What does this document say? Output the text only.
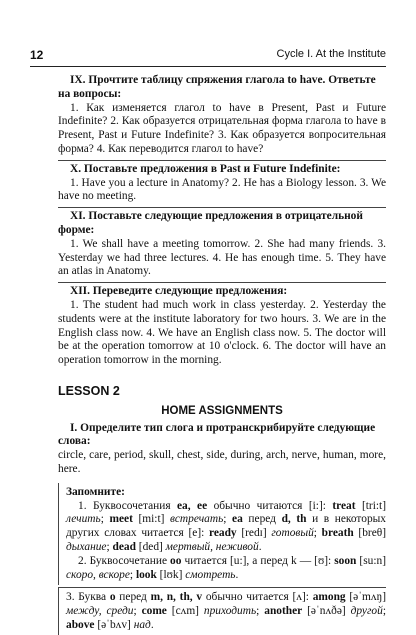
12	Cycle I. At the Institute

IX. Прочтите таблицу спряжения глагола to have. Ответьте на вопросы:

1. Как изменяется глагол to have в Present, Past и Future Indefinite? 2. Как образуется отрицательная форма глагола to have в Present, Past и Future Indefinite? 3. Как образуется вопросительная форма? 4. Как переводится глагол to have?

X. Поставьте предложения в Past и Future Indefinite:

1. Have you a lecture in Anatomy? 2. He has a Biology lesson. 3. We have no meeting.

XI. Поставьте следующие предложения в отрицательной форме:

1. We shall have a meeting tomorrow. 2. She had many friends. 3. Yesterday we had three lectures. 4. He has enough time. 5. They have an atlas in Anatomy.

XII. Переведите следующие предложения:

1. The student had much work in class yesterday. 2. Yesterday the students were at the institute laboratory for two hours. 3. We are in the English class now. 4. We have an English class now. 5. The doctor will be at the operation tomorrow at 10 o'clock. 6. The doctor will have an operation tomorrow in the morning.

LESSON 2
HOME ASSIGNMENTS

I. Определите тип слога и протранскрибируйте следующие слова:

circle, care, period, skull, chest, side, during, arch, nerve, human, more, here.

Запомните:

1. Буквосочетания ea, ee обычно читаются [i:]: treat [tri:t] лечить; meet [mi:t] встречать; ea перед d, th и в некоторых других словах читается [e]: ready [redɪ] готовый; breath [breθ] дыхание; dead [ded] мертвый, неживой.

2. Буквосочетание oo читается [u:], а перед k — [ʊ]: soon [su:n] скоро, вскоре; look [lʊk] смотреть.

3. Буква o перед m, n, th, v обычно читается [ʌ]: among [əˈmʌŋ] между, среди; come [cʌm] приходить; another [əˈnʌðə] другой; above [əˈbʌv] над.
